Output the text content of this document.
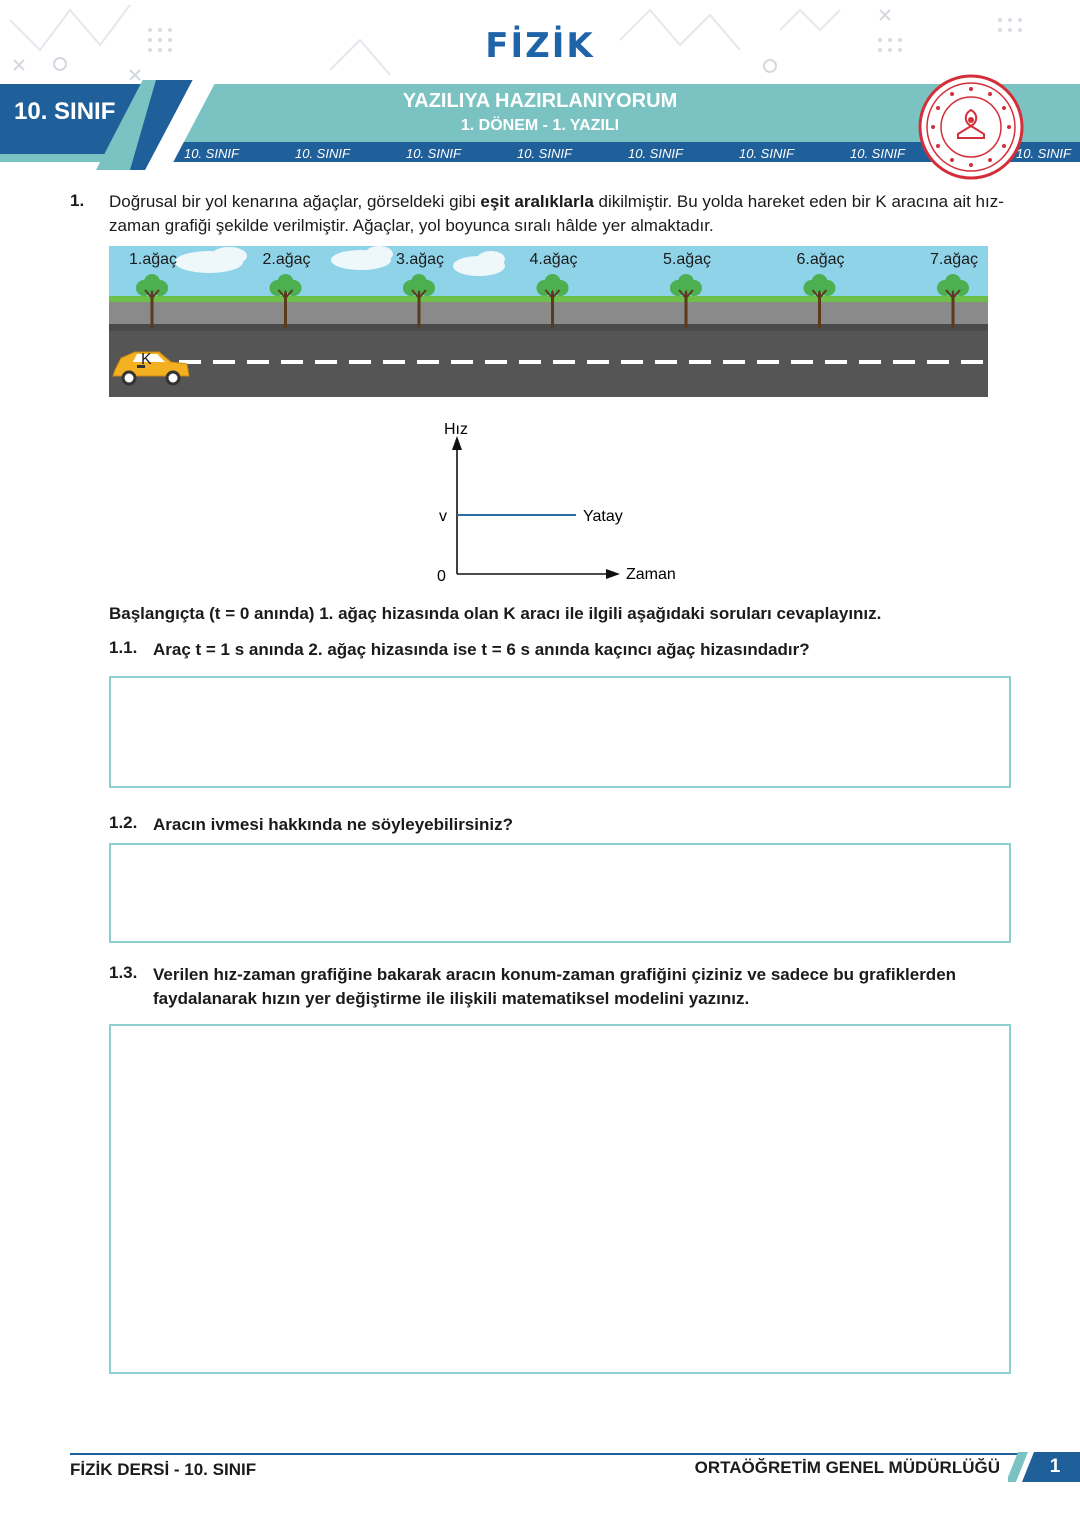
FİZİK
10. SINIF	YAZILIYA HAZIRLANIYORUM
1. DÖNEM - 1. YAZILI
10. SINIF	10. SINIF	10. SINIF	10. SINIF	10. SINIF	10. SINIF	10. SINIF	10. SINIF
1. Doğrusal bir yol kenarına ağaçlar, görseldeki gibi eşit aralıklarla dikilmiştir. Bu yolda hareket eden bir K aracına ait hız-zaman grafiği şekilde verilmiştir. Ağaçlar, yol boyunca sıralı hâlde yer almaktadır.
1.ağaç	2.ağaç	3.ağaç	4.ağaç	5.ağaç	6.ağaç	7.ağaç
K
Hız
Zaman
v
0
Yatay
Başlangıçta (t = 0 anında) 1. ağaç hizasında olan K aracı ile ilgili aşağıdaki soruları cevaplayınız.
1.1. Araç t = 1 s anında 2. ağaç hizasında ise t = 6 s anında kaçıncı ağaç hizasındadır?
1.2. Aracın ivmesi hakkında ne söyleyebilirsiniz?
1.3. Verilen hız-zaman grafiğine bakarak aracın konum-zaman grafiğini çiziniz ve sadece bu grafiklerden faydalanarak hızın yer değiştirme ile ilişkili matematiksel modelini yazınız.
FİZİK DERSİ - 10. SINIF	ORTAÖĞRETİM GENEL MÜDÜRLÜĞÜ	1
